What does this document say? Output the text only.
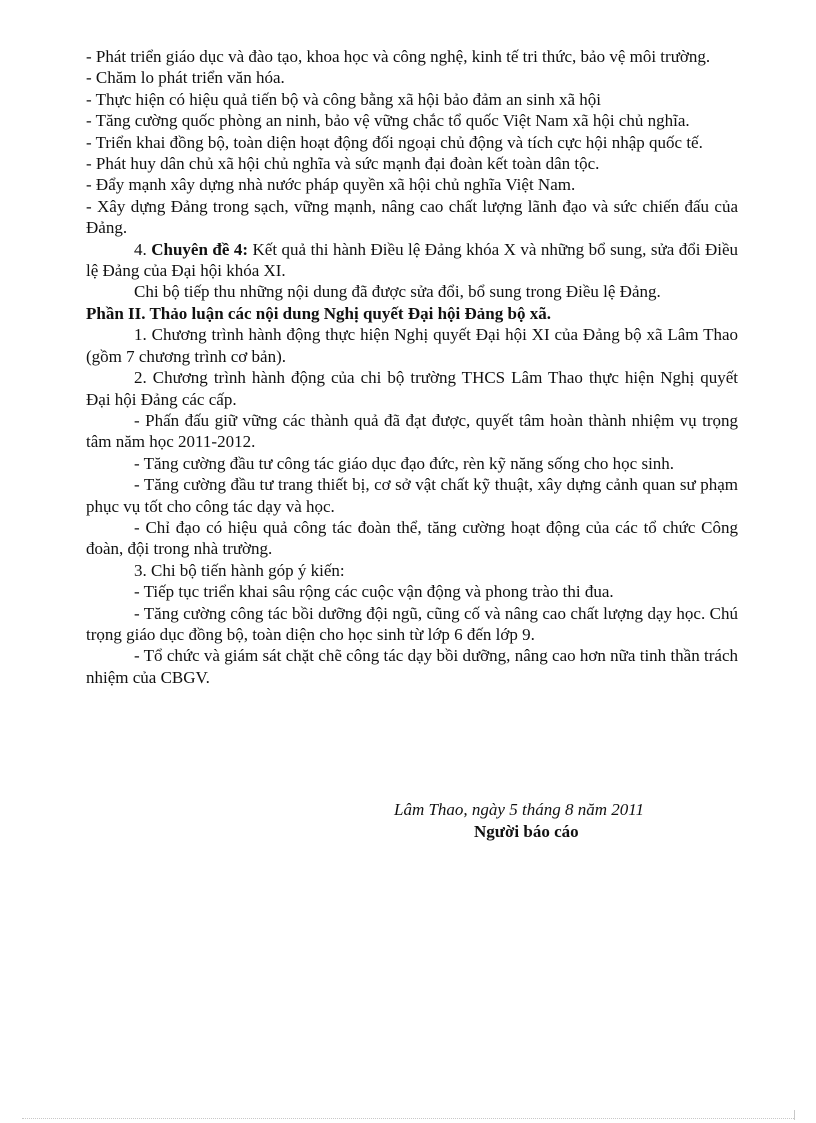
- Phát triển giáo dục và đào tạo, khoa học và công nghệ, kinh tế tri thức, bảo vệ môi trường.

- Chăm lo phát triển văn hóa.

- Thực hiện có hiệu quả tiến bộ và công bằng xã hội bảo đảm an sinh xã hội

- Tăng cường quốc phòng an ninh, bảo vệ vững chắc tổ quốc Việt Nam xã hội chủ nghĩa.

- Triển khai đồng bộ, toàn diện hoạt động đối ngoại chủ động và tích cực hội nhập quốc tế.

- Phát huy dân chủ xã hội chủ nghĩa và sức mạnh đại đoàn kết toàn dân tộc.

- Đẩy mạnh xây dựng nhà nước pháp quyền xã hội chủ nghĩa Việt Nam.

- Xây dựng Đảng trong sạch, vững mạnh, nâng cao chất lượng lãnh đạo và sức chiến đấu của Đảng.

4. Chuyên đề 4: Kết quả thi hành Điều lệ Đảng khóa X và những bổ sung, sửa đổi Điều lệ Đảng của Đại hội khóa XI.

Chi bộ tiếp thu những nội dung đã được sửa đổi, bổ sung trong Điều lệ Đảng.

Phần II. Thảo luận các nội dung Nghị quyết Đại hội Đảng bộ xã.

1. Chương trình hành động thực hiện Nghị quyết Đại hội XI của Đảng bộ xã Lâm Thao (gồm 7 chương trình cơ bản).

2. Chương trình hành động của chi bộ trường THCS Lâm Thao thực hiện Nghị quyết Đại hội Đảng các cấp.

- Phấn đấu giữ vững các thành quả đã đạt được, quyết tâm hoàn thành nhiệm vụ trọng tâm năm học 2011-2012.

- Tăng cường đầu tư công tác giáo dục đạo đức, rèn kỹ năng sống cho học sinh.

- Tăng cường đầu tư trang thiết bị, cơ sở vật chất kỹ thuật, xây dựng cảnh quan sư phạm phục vụ tốt cho công tác dạy và học.

- Chỉ đạo có hiệu quả công tác đoàn thể, tăng cường hoạt động của các tổ chức Công đoàn, đội trong nhà trường.

3. Chi bộ tiến hành góp ý kiến:

- Tiếp tục triển khai sâu rộng các cuộc vận động và phong trào thi đua.

- Tăng cường công tác bồi dưỡng đội ngũ, cũng cố và nâng cao chất lượng dạy học. Chú trọng giáo dục đồng bộ, toàn diện cho học sinh từ lớp 6 đến lớp 9.

- Tổ chức và giám sát chặt chẽ công tác dạy bồi dưỡng, nâng cao hơn nữa tinh thần trách nhiệm của CBGV.

Lâm Thao, ngày 5 tháng 8 năm 2011

Người báo cáo
